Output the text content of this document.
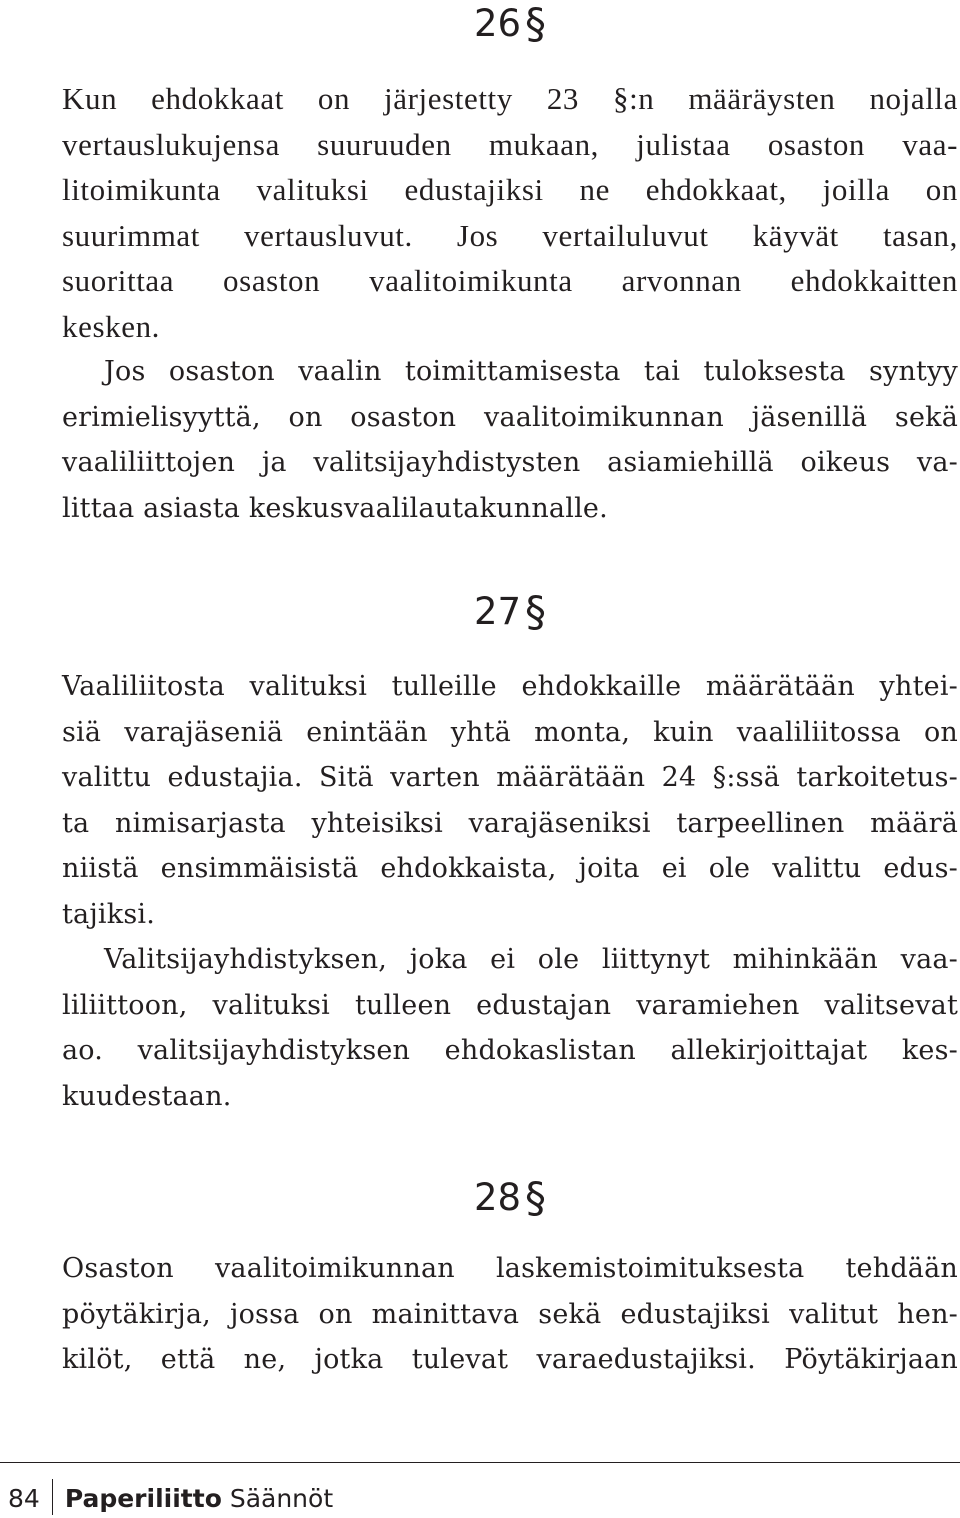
26§

Kun ehdokkaat on järjestetty 23 §:n määräysten nojalla
vertauslukujensa suuruuden mukaan, julistaa osaston vaa-
litoimikunta valituksi edustajiksi ne ehdokkaat, joilla on
suurimmat vertausluvut. Jos vertailuluvut käyvät tasan,
suorittaa osaston vaalitoimikunta arvonnan ehdokkaitten
kesken.

Jos osaston vaalin toimittamisesta tai tuloksesta syntyy
erimielisyyttä, on osaston vaalitoimikunnan jäsenillä sekä
vaaliliittojen ja valitsijayhdistysten asiamiehillä oikeus va-
littaa asiasta keskusvaalilautakunnalle.

27§

Vaaliliitosta valituksi tulleille ehdokkaille määrätään yhtei-
siä varajäseniä enintään yhtä monta, kuin vaaliliitossa on
valittu edustajia. Sitä varten määrätään 24 §:ssä tarkoitetus-
ta nimisarjasta yhteisiksi varajäseniksi tarpeellinen määrä
niistä ensimmäisistä ehdokkaista, joita ei ole valittu edus-
tajiksi.

Valitsijayhdistyksen, joka ei ole liittynyt mihinkään vaa-
liliittoon, valituksi tulleen edustajan varamiehen valitsevat
ao. valitsijayhdistyksen ehdokaslistan allekirjoittajat kes-
kuudestaan.

28§

Osaston vaalitoimikunnan laskemistoimituksesta tehdään
pöytäkirja, jossa on mainittava sekä edustajiksi valitut hen-
kilöt, että ne, jotka tulevat varaedustajiksi. Pöytäkirjaan

84 Paperiliitto Säännöt
